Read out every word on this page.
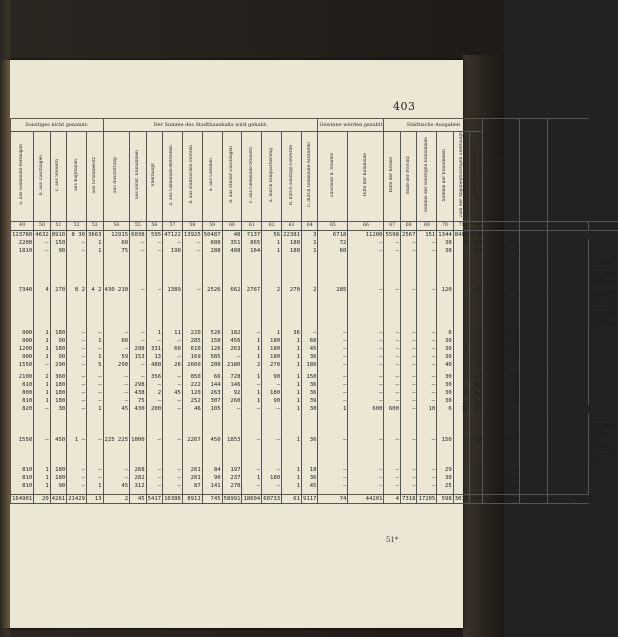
403
Sonstiges nicht genannt:					Der Summe des Stadthaushalts wird gehabt:											Gewinne werden gezahlt		Städtische Ausgaben						Abweichung bei der Etat-fest. Verwaltungs-Rechnung	Summe der Ausgaben	Bemerkungen über etwaige, wegen Grundsteuer, Ermäßigungen, Gebühren, Gefälle	
a. aus Gemeinde-Vermögen	b. aus Zuschlägen	c. aus Steuern	aus Kapitalien	aus Grundbesitz	aus Ausstattung	aus sonst. Einnahmen	überhaupt	a. aus Gemeinde-Betrieben	b. aus städtischen Forsten	a. aus Gefällen	b. aus Steuer-Zuschlägen	c. aus Gemeinde-Steuern	a. durch Einquartierung	b. durch sonstige Gewerbe	c. durch Gemeinde-Anstalten	Zuschuss d. Staates	Hilfe der Kommune	Hilfe der Kreise	Hilfe der Provinz	Summe der sonstigen Einnahmen	Summe der Einnahmen	Zahl der Abgabepflichtigen überhaupt	Zahl der Steuerzahler				
49	50	51	52	53	54	55	56	57	58	59	60	61	62	63	64	65	66	67	68	69	70	71	72	73	74	75	76
123780	4632	8910	8 30	3663	12915	6038	595	47122	13925	50487	48	7137	56	22381	3	6718	11200	5598	2567	151	1344	8485	270	—	—		
2200	—	150	—	1	60	—	—	—	—	600	351	865	1	180	1	72	—	—	—	—	30	3	24	56 182	—	—	
1810	—	90	—	1	75	—	—	190	—	288	408	164	1	180	1	60	—	—	—	—	30	—	12	75	—	—	
7340	4	270	8 2	4 2	430 210	—	—	1389	—	2526	662	2767	2	270	2	285	—	—	—	—	120	—	72	400 330	—	—	Zwei Gemeinde-Schulen: Feld. 1 u. 11, 1 Leh-Schulanstalt; 2 Einnahmen aus Zinsen und 100 M. erhaltenen Beiträgen d. 100 M. a. 1 zu 2 Jahren

900	1	180	—	—	—	—	1	11	220	526	182	—	1	36	—	—	—	—	—	—	6	—	12	145	—	—	
900	1	90	—	1	60	—	—	—	285	150	456	1	180	1	60	—	—	—	—	—	30	—	12	60	—	—	
1200	1	180	—	—	—	298	331	60	610	126	263	1	180	1	45	—	—	—	—	—	30	1	24	270	—	—	
900	1	90	—	1	59	153	13	—	169	585	—	1	180	1	36	—	—	—	—	—	30	—	12	72	—	—	
1550	—	290	—	5	290	—	480	26	2660	200	2180	2	270	1	180	—	—	—	—	—	40	—	48	366	—	—	

2100	2	360	—	—	—	—	356	—	850	66	728	1	90	1	150	—	—	—	—	—	30	—	24	250	—	—	
810	1	180	—	—	—	298	—	—	222	144	146	—	—	1	36	—	—	—	—	—	30	—	12	76	—	—	
800	1	180	—	—	—	438	2	45	120	263	92	1	180	1	36	—	—	—	—	—	30	3	12	70	—	—	
810	1	180	—	—	—	75	—	—	252	307	260	1	90	1	39	—	—	—	—	—	30	—	12	213	—	—	
820	—	30	—	1	45	430	200	—	46	105	—	—	—	1	30	1	600	600	—	10	6	12	40	—	—		

1550	—	450	1 —	—	225 225	1000	—	—	2267	450	1853	—	—	1	36	—	—	—	—	—	150	—	48	524	—	—	Mit Genh. alle 4 Zahlen 150 M. Zuschüsse zur gemeinen Sachen bei Baaselsum 18 M.

810	1	180	—	—	—	268	—	—	261	84	197	—	—	1	18	—	—	—	—	—	29	—	12	96	—	—	
810	1	180	—	—	—	282	—	—	201	90	237	1	180	1	36	—	—	—	—	—	30	—	12	156	—	—	
810	1	90	—	1	45	312	—	—	87	141	270	—	—	1	45	—	—	—	—	—	25	—	12	153	—	—	

164901	20	4261	21429	13	2	45	5417	16386	8911	745	58991	18604	60733	61	9117	74	44201	4	7318	17205	598	3017	164	1716	11810	5270	
51*
